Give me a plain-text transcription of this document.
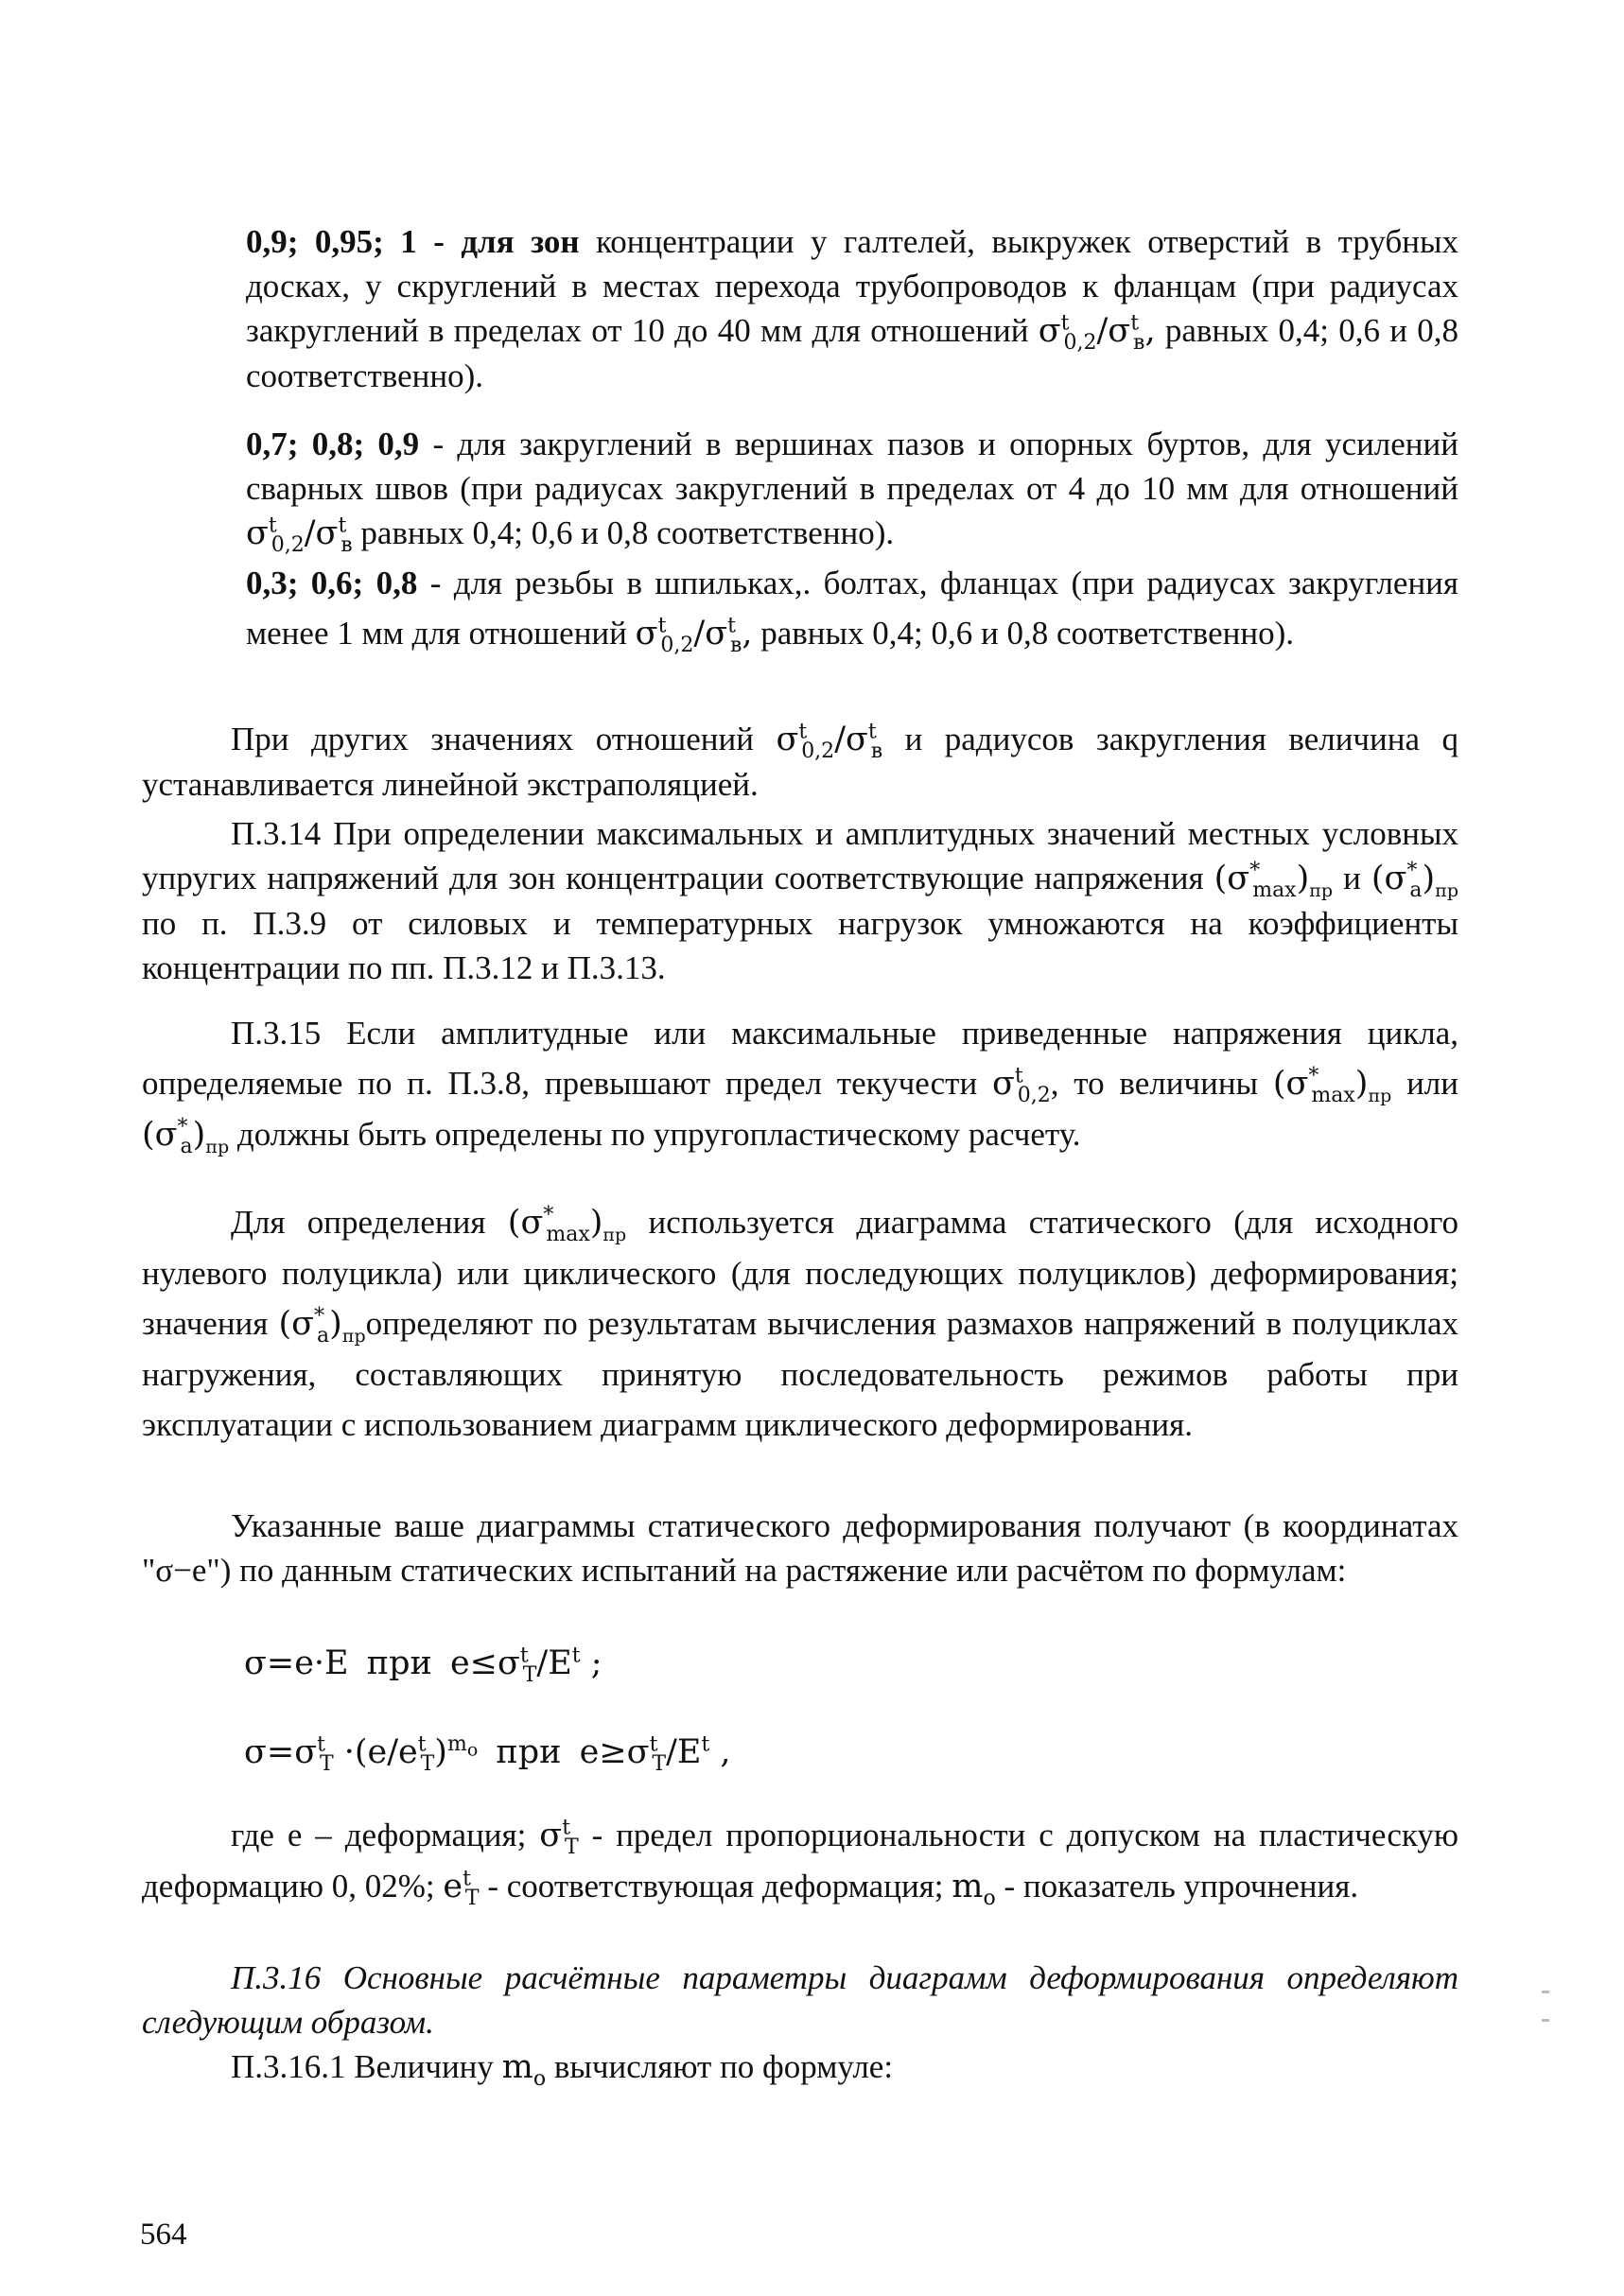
0,9; 0,95; 1 - для зон концентрации у галтелей, выкружек отверстий в трубных досках, у скруглений в местах перехода трубопроводов к фланцам (при радиусах закруглений в пределах от 10 до 40 мм для отношений $\sigma^t_{0,2}/\sigma^t_в$, равных 0,4; 0,6 и 0,8 соответственно).
0,7; 0,8; 0,9 - для закруглений в вершинах пазов и опорных буртов, для усилений сварных швов (при радиусах закруглений в пределах от 4 до 10 мм для отношений $\sigma^t_{0,2}/\sigma^t_в$ равных 0,4; 0,6 и 0,8 соответственно).
0,3; 0,6; 0,8 - для резьбы в шпильках,. болтах, фланцах (при радиусах закругления менее 1 мм для отношений $\sigma^t_{0,2}/\sigma^t_в$, равных 0,4; 0,6 и 0,8 соответственно).
При других значениях отношений $\sigma^t_{0,2}/\sigma^t_в$ и радиусов закругления величина q устанавливается линейной экстраполяцией.
П.3.14 При определении максимальных и амплитудных значений местных условных упругих напряжений для зон концентрации соответствующие напряжения $(\sigma^*_{max})_{пр}$ и $(\sigma^*_a)_{пр}$ по п. П.3.9 от силовых и температурных нагрузок умножаются на коэффициенты концентрации по пп. П.3.12 и П.3.13.
П.3.15 Если амплитудные или максимальные приведенные напряжения цикла, определяемые по п. П.3.8, превышают предел текучести $\sigma^t_{0,2}$, то величины $(\sigma^*_{max})_{пр}$ или $(\sigma^*_a)_{пр}$ должны быть определены по упругопластическому расчету.
Для определения $(\sigma^*_{max})_{пр}$ используется диаграмма статического (для исходного нулевого полуцикла) или циклического (для последующих полуциклов) деформирования; значения $(\sigma^*_a)_{пр}определяют$ по результатам вычисления размахов напряжений в полуциклах нагружения, составляющих принятую последовательность режимов работы при эксплуатации с использованием диаграмм циклического деформирования.
Указанные ваше диаграммы статического деформирования получают (в координатах "σ−e") по данным статических испытаний на растяжение или расчётом по формулам:
σ=e·E при $e\le\sigma^t_T/E^t$ ;
$\sigma=\sigma^t_T \cdot(e/e^t_T)^{m_o}$ при $e\ge\sigma^t_T/E^t$ ,
где e – деформация; $\sigma^t_T$ - предел пропорциональности с допуском на пластическую деформацию 0, 02%; $e^t_T$ - соответствующая деформация; $m_o$ - показатель упрочнения.
П.3.16 Основные расчётные параметры диаграмм деформирования определяют следующим образом.
П.3.16.1 Величину $m_o$ вычисляют по формуле:
564
